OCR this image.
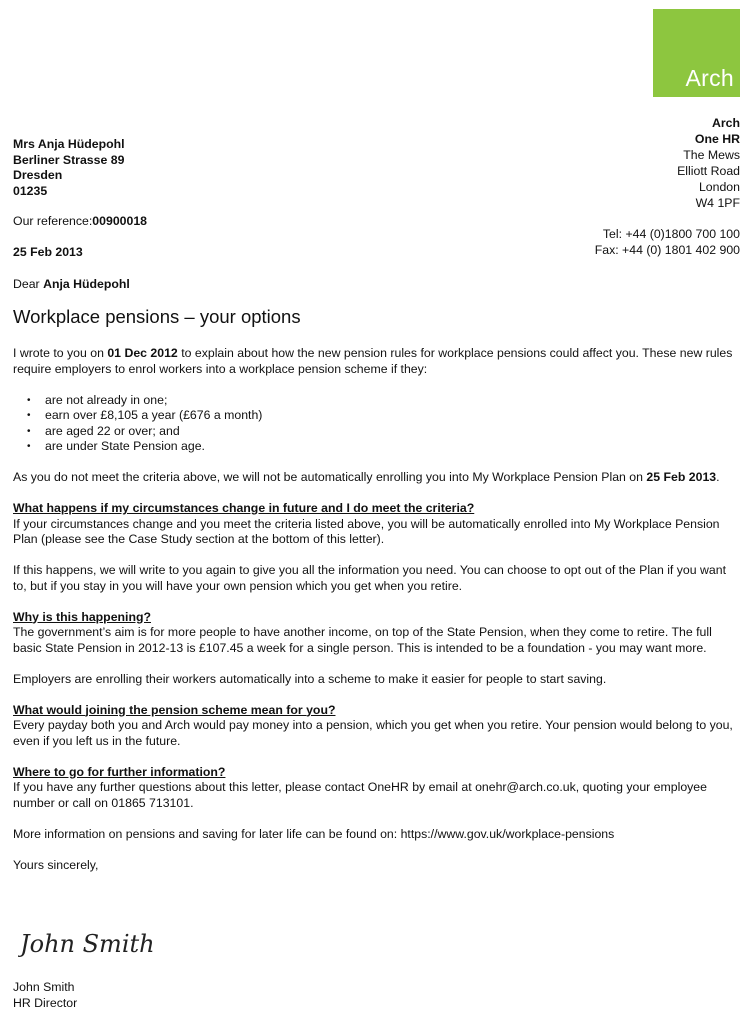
Arch
Arch
One HR
The Mews
Elliott Road
London
W4 1PF
Mrs Anja Hüdepohl
Berliner Strasse 89
Dresden
01235
Our reference:00900018
Tel: +44 (0)1800 700 100
Fax: +44 (0) 1801 402 900
25 Feb 2013
Dear Anja Hüdepohl
Workplace pensions – your options

I wrote to you on 01 Dec 2012 to explain about how the new pension rules for workplace pensions could affect you. These new rules require employers to enrol workers into a workplace pension scheme if they:

• are not already in one;
• earn over £8,105 a year (£676 a month)
• are aged 22 or over; and
• are under State Pension age.

As you do not meet the criteria above, we will not be automatically enrolling you into My Workplace Pension Plan on 25 Feb 2013.

What happens if my circumstances change in future and I do meet the criteria?
If your circumstances change and you meet the criteria listed above, you will be automatically enrolled into My Workplace Pension Plan (please see the Case Study section at the bottom of this letter).

If this happens, we will write to you again to give you all the information you need. You can choose to opt out of the Plan if you want to, but if you stay in you will have your own pension which you get when you retire.

Why is this happening?
The government’s aim is for more people to have another income, on top of the State Pension, when they come to retire. The full basic State Pension in 2012-13 is £107.45 a week for a single person. This is intended to be a foundation - you may want more.

Employers are enrolling their workers automatically into a scheme to make it easier for people to start saving.

What would joining the pension scheme mean for you?
Every payday both you and Arch would pay money into a pension, which you get when you retire. Your pension would belong to you, even if you left us in the future.

Where to go for further information?
If you have any further questions about this letter, please contact OneHR by email at onehr@arch.co.uk, quoting your employee number or call on 01865 713101.

More information on pensions and saving for later life can be found on: https://www.gov.uk/workplace-pensions

Yours sincerely,

John Smith
John Smith
HR Director
